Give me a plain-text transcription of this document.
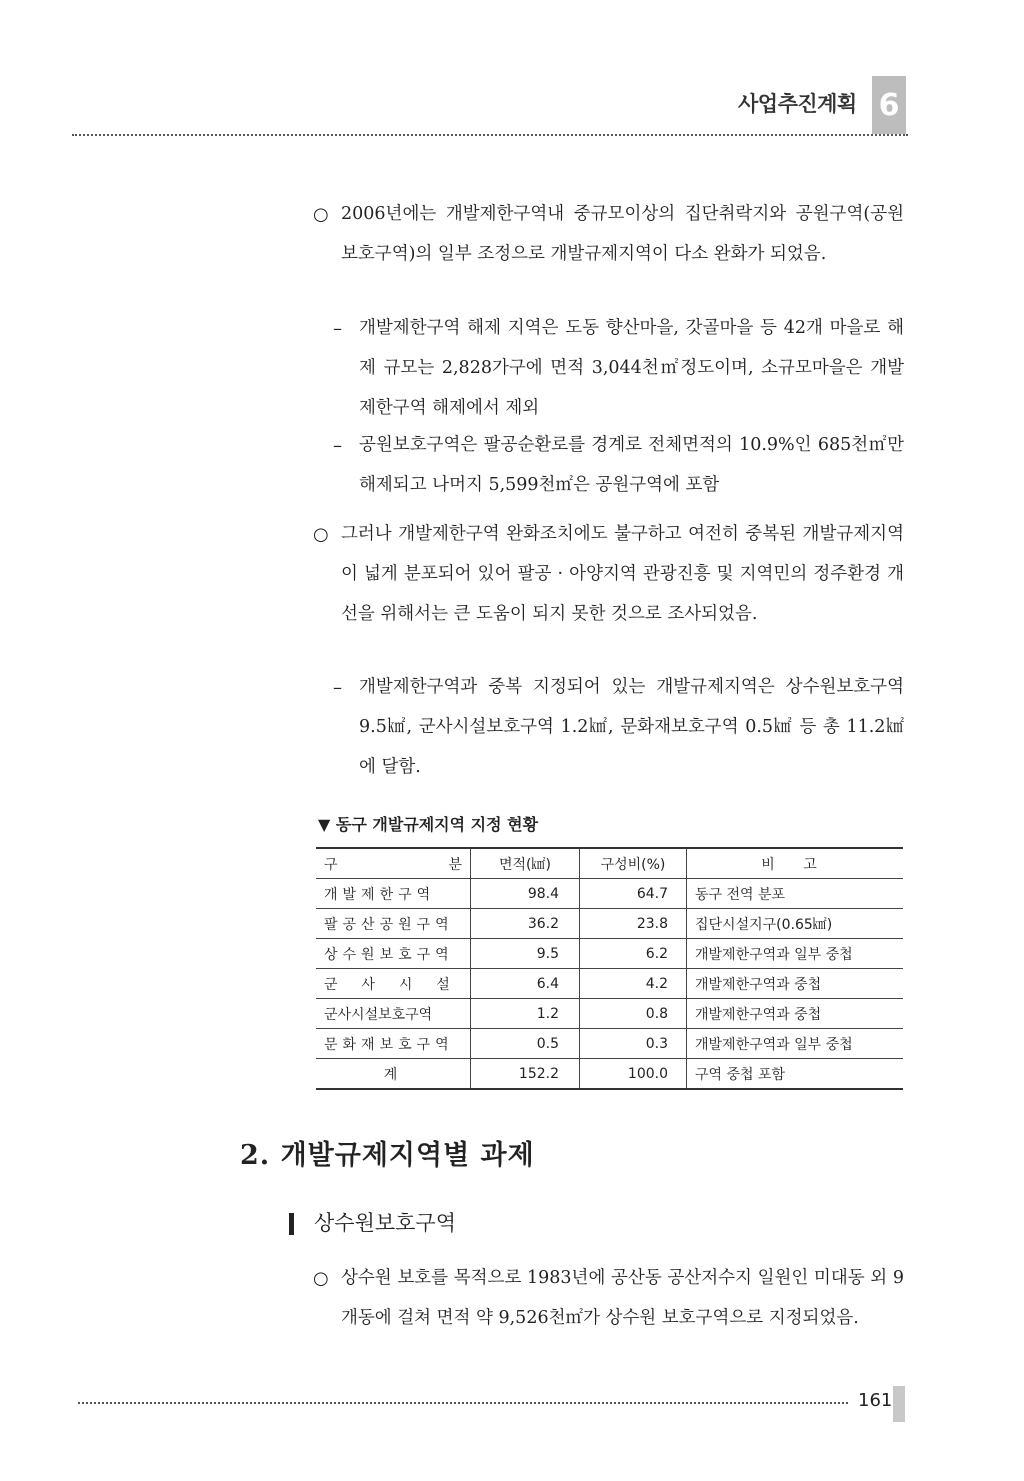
사업추진계획 6
○ 2006년에는 개발제한구역내 중규모이상의 집단취락지와 공원구역(공원보호구역)의 일부 조정으로 개발규제지역이 다소 완화가 되었음.

– 개발제한구역 해제 지역은 도동 향산마을, 갓골마을 등 42개 마을로 해제 규모는 2,828가구에 면적 3,044천㎡정도이며, 소규모마을은 개발제한구역 해제에서 제외

– 공원보호구역은 팔공순환로를 경계로 전체면적의 10.9%인 685천㎡만 해제되고 나머지 5,599천㎡은 공원구역에 포함

○ 그러나 개발제한구역 완화조치에도 불구하고 여전히 중복된 개발규제지역이 넓게 분포되어 있어 팔공 · 아양지역 관광진흥 및 지역민의 정주환경 개선을 위해서는 큰 도움이 되지 못한 것으로 조사되었음.

– 개발제한구역과 중복 지정되어 있는 개발규제지역은 상수원보호구역 9.5㎢, 군사시설보호구역 1.2㎢, 문화재보호구역 0.5㎢ 등 총 11.2㎢에 달함.

▼ 동구 개발규제지역 지정 현황
구 분	면적(㎢)	구성비(%)	비 고
개발제한구역	98.4	64.7	동구 전역 분포
팔공산공원구역	36.2	23.8	집단시설지구(0.65㎢)
상수원보호구역	9.5	6.2	개발제한구역과 일부 중첩
군  사  시  설	6.4	4.2	개발제한구역과 중첩
군사시설보호구역	1.2	0.8	개발제한구역과 중첩
문화재보호구역	0.5	0.3	개발제한구역과 일부 중첩
계	152.2	100.0	구역 중첩 포함
2. 개발규제지역별 과제
상수원보호구역
○ 상수원 보호를 목적으로 1983년에 공산동 공산저수지 일원인 미대동 외 9개동에 걸쳐 면적 약 9,526천㎡가 상수원 보호구역으로 지정되었음.

161
